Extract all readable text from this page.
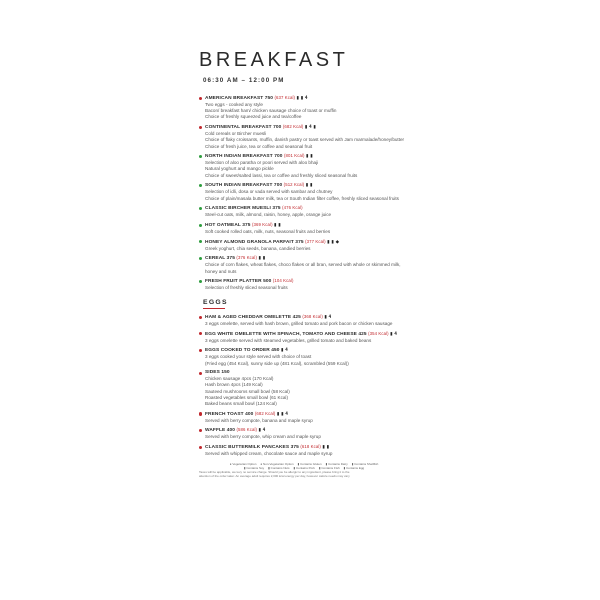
BREAKFAST
06:30 AM – 12:00 PM
AMERICAN BREAKFAST 750 (637 Kcal) ▮ ▮ 𝟒
Two eggs - cooked any style
Bacon/ breakfast ham/ chicken sausage choice of toast or muffin
Choice of freshly squeezed juice and tea/coffee
CONTINENTAL BREAKFAST 700 (682 Kcal) ▮ 𝟒 ▮
Cold cereals or Bircher muesli
Choice of flaky croissants, muffin, danish pastry or toast served with Jam marmalade/honey/butter
Choice of fresh juice, tea or coffee and seasonal fruit
NORTH INDIAN BREAKFAST 700 (801 Kcal) ▮ ▮
Selection of aloo paratha or poori served with aloo bhaji
Natural yoghurt and mango pickle
Choice of sweet/salted lassi, tea or coffee and freshly sliced seasonal fruits
SOUTH INDIAN BREAKFAST 700 (512 Kcal) ▮ ▮
Selection of idli, dosa or vada served with sambar and chutney
Choice of plain/masala butter milk, tea or South Indian filter coffee, freshly sliced seasonal fruits
CLASSIC BIRCHER MUESLI 375 (476 Kcal)
Steel-cut oats, milk, almond, raisin, honey, apple, orange juice
HOT OATMEAL 375 (369 Kcal) ▮ ▮
Soft cooked rolled oats, milk, nuts, seasonal fruits and berries
HONEY ALMOND GRANOLA PARFAIT 375 (377 Kcal) ▮ ▮ ◆
Greek yoghurt, chia seeds, banana, candied berries
CEREAL 375 (376 Kcal) ▮ ▮
Choice of corn flakes, wheat flakes, choco flakes or all bran, served with whole or skimmed milk, honey and nuts
FRESH FRUIT PLATTER 500 (104 Kcal)
Selection of freshly sliced seasonal fruits
EGGS
HAM & AGED CHEDDAR OMELETTE 425 (368 Kcal) ▮ 𝟒
3 eggs omelette, served with hash brown, grilled tomato and pork bacon or chicken sausage
EGG WHITE OMELETTE WITH SPINACH, TOMATO AND CHEESE 425 (354 Kcal) ▮ 𝟒
3 eggs omelette served with steamed vegetables, grilled tomato and baked beans
EGGS COOKED TO ORDER 450 ▮ 𝟒
3 eggs cooked your style served with choice of toast
(Fried egg (454 Kcal), sunny side up (481 Kcal), scrambled (559 Kcal))
SIDES 150
Chicken sausage 4pcs (170 Kcal)
Hash brown 4pcs (149 Kcal)
Sauteed mushrooms small bowl (58 Kcal)
Roasted vegetables small bowl (61 Kcal)
Baked beans small bowl (124 Kcal)
FRENCH TOAST 400 (682 Kcal) ▮ ▮ 𝟒
Served with berry compote, banana and maple syrup
WAFFLE 400 (586 Kcal) ▮ 𝟒
Served with berry compote, whip cream and maple syrup
CLASSIC BUTTERMILK PANCAKES 375 (618 Kcal) ▮ ▮
Served with whipped cream, chocolate sauce and maple syrup
● Vegetarian Option ● Non-Vegetarian Option ▮ Contains Gluten ▮ Contains Dairy ▮ Contains Shellfish
▮ Contains Soy ▮ Contains Nuts ▮ Contains Pork ▮ Contains Fish ▮ Contains Egg
Taxes will be applicable, we levy no service charge. Should you be allergic to any ingredient, please bring it to the
attention of the order taker. An average adult requires 2,000 kcal energy per day, however calorie needs may vary
